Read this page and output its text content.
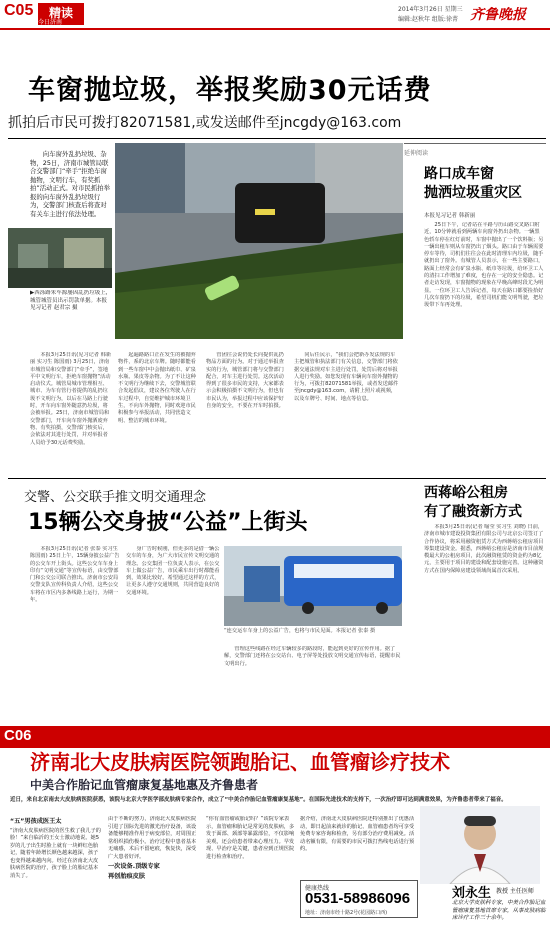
C05	精读
今日济南
2014年3月26日 星期三
编辑:赵秋年 组版:徐菁 齐鲁晚报
车窗抛垃圾，举报奖励30元话费
抓拍后市民可拨打82071581,或发送邮件至jncgdy@163.com

向车窗外乱扔垃圾、杂物，25日，济南市城管局联合交警部门“牵手”拒绝车窗抛物，文明行车，有奖抓拍”活动正式。对市民抓拍举报的向车窗外乱扔垃圾行为，交警部门核查后将查对有关车主进行依法处理。

▶西泺路朱车源屡因乱扔垃圾上，城管城管员出示罚款单据。本报见习记者 赵君宗 摄

本报3月25日讯(见习记者 韩新丽 实习生 陈国雨) 3月25日，济南市城管局和交警部门“牵手”，签地平中文明行车，拒绝车窗抛物”活动启动仪式。城管局城市管理相互、城市、为车有管行者提供的乱扔垃圾不文明行为，以后在马路上行驶时，开车向车窗外随意扔垃圾，将会被举报。25日，济南市城管局和交警部门，开车向车窗外抛洒废弃物、有奖拍摄，交警部门核实后，会依法对其进行处罚，并对举报者人员给予30元话费奖励。

起遍路路口正在发生的被抛弃物件，系的北京车牌。随时都能看到一些车窗中中会抛出纸巾、矿泉水瓶、果皮等杂物。为了不让这种不文明行为继续下去，交警城管联合发起倡议，建议各位驾驶人在行车过程中，自觉维护城市环境卫生，不向车外抛物，同时欢迎市民积极参与举报活动，共同营造文明、整洁的城市环境。

管团往会说仍处长向提供乱扔物品方面的行为。对于通过举报查实的行为，城管部门将与交警部门配合，对车主进行处罚。这次活动得到了很多市民的支持，大家都表示会积极拍摄不文明行为，但也有市民认为，举报过程中应该保护好自身的安全，不要在开车时拍摄。

同后任民示，“我们会把新办发法规的车主把城管和执法部门有关信息，交警部门将依据交通法规对车主进行处罚，处罚后将对举报人进行奖励。如您发现有车辆向车窗外抛物的行为，可拨打82071581举报，或者发送邮件至jncgdy@163.com，请附上照片或视频，以及车牌号、时间、地点等信息。

延伸阅读
路口成车窗
抛洒垃圾重灾区
本报见习记者 韩新丽

25日下午，记者站在平路与历山路交叉路口附近，10分钟就看到两辆车向窗外扔出杂物。一辆黑色轿车停在红灯前时，车窗中抛出了一个饮料瓶；另一辆出租车则从车窗扔出了烟头。路口由于车辆需要停车等待，司机们往往会在此时清理车内垃圾，随手就扔出了窗外。有城管人员表示，在一些主要路口，路面上经常会有矿泉水瓶、纸巾等垃圾，给环卫工人的清扫工作增加了难度，也存在一定的安全隐患。记者走访发现，车窗抛物的现象在早晚高峰时段尤为明显。一位环卫工人告诉记者，每天在路口都要捡拾好几次车窗扔下的垃圾，希望司机们能文明驾驶，把垃圾带下车再处理。

交警、公交联手推文明交通理念
15辆公交身披“公益”上街头

本报3月25日讯(记者 张泰 实习生 陈国雨) 25日上午，15辆身披公益广告的公交车开上街头。这些公交车车身上印有“文明交通”等宣传标语，由交警部门和公交公司联合推出。济南市公安局交警支队宣传科负责人介绍，这些公交车将在市区内多条线路上运行，为期一年。

身广告时候刚，但更多的是借一辆公交车的车身，为广大市民宣传文明交通的理念。公交集团一位负责人表示，在公交车上做公益广告，市民乘车出行时都能看到，效果比较好。希望通过这样的方式，让更多人遵守交通规则，共同营造良好的交通环境。

“连交运车车身上的公益广告，也将与市民见面。本报记者 张泰 摄

管理这些线路在经过车辆较多的路段时，能起到更好的宣传作用。据了解，交警部门还将在公交站台、电子屏等处投放文明交通宣传标语，提醒市民文明出行。

西蒋峪公租房
有了融资新方式

本报3月25日讯(记者 喻莹 实习生 刘晓) 日前，济南市城市建设投资集团有限公司与北京公司签订了合作协议，将采用融资租赁方式为西蒋峪公租房项目筹集建设资金。据悉，西蒋峪公租房是济南市目前规模最大的公租房项目，此次融资租赁的资金约为8亿元，主要用于项目的建设和配套设施完善。这种融资方式在国内保障房建设领域尚属首次采用。

C06
济南北大皮肤病医院领跑胎记、血管瘤诊疗技术
中美合作胎记血管瘤康复基地惠及齐鲁患者
近日，来自北京南去大皮肤病医院获悉，该院与北京大学医学部皮肤病专家合作，成立了“中美合作胎记血管瘤康复基地”。在国际先进技术的支持下，一次治疗即可达到满意效果，为齐鲁患者带来了福音。
“五”男孩成医王太

“济南大皮肤病医院的医生救了我儿子的脸！”来自临沂的王女士激动地说。她5岁的儿子出生时脸上就有一块鲜红色胎记，随着年龄增长颜色越来越深，孩子也变得越来越内向。经过在济南北大皮肤病医院的治疗，孩子脸上的胎记基本消失了。

由于不断的努力，济南北大皮肤病医院引进了国际先进的激光治疗设备，该设备能够精准作用于病变部位，对周围正常组织损伤极小。治疗过程中患者基本无痛感，术后不留疤痕，恢复快，深受广大患者好评。

一次设备.顶级专家
再创胎痕皮肤

“你有血管瘤或胎记吗？”该院专家表示，血管瘤和胎记是常见的皮肤病，多发于面部、颈部等暴露部位，不仅影响美观，还会给患者带来心理压力。早发现、早治疗是关键，患者应到正规医院进行检查和治疗。

据介绍，济南北大皮肤病医院还特别推出了优惠活动，即日起前来就诊的胎记、血管瘤患者均可享受免费专家咨询和检查，另有部分治疗费用减免。活动名额有限，有需要的市民可拨打热线电话进行预约。

健康热线
0531-58986096
地址：济南市经十路2号(花园路口西)
刘永生 教授 主任医师
北京大学皮肤科专家，中美合作胎记血管瘤康复基地首席专家，从事皮肤病临床诊疗工作三十余年。
